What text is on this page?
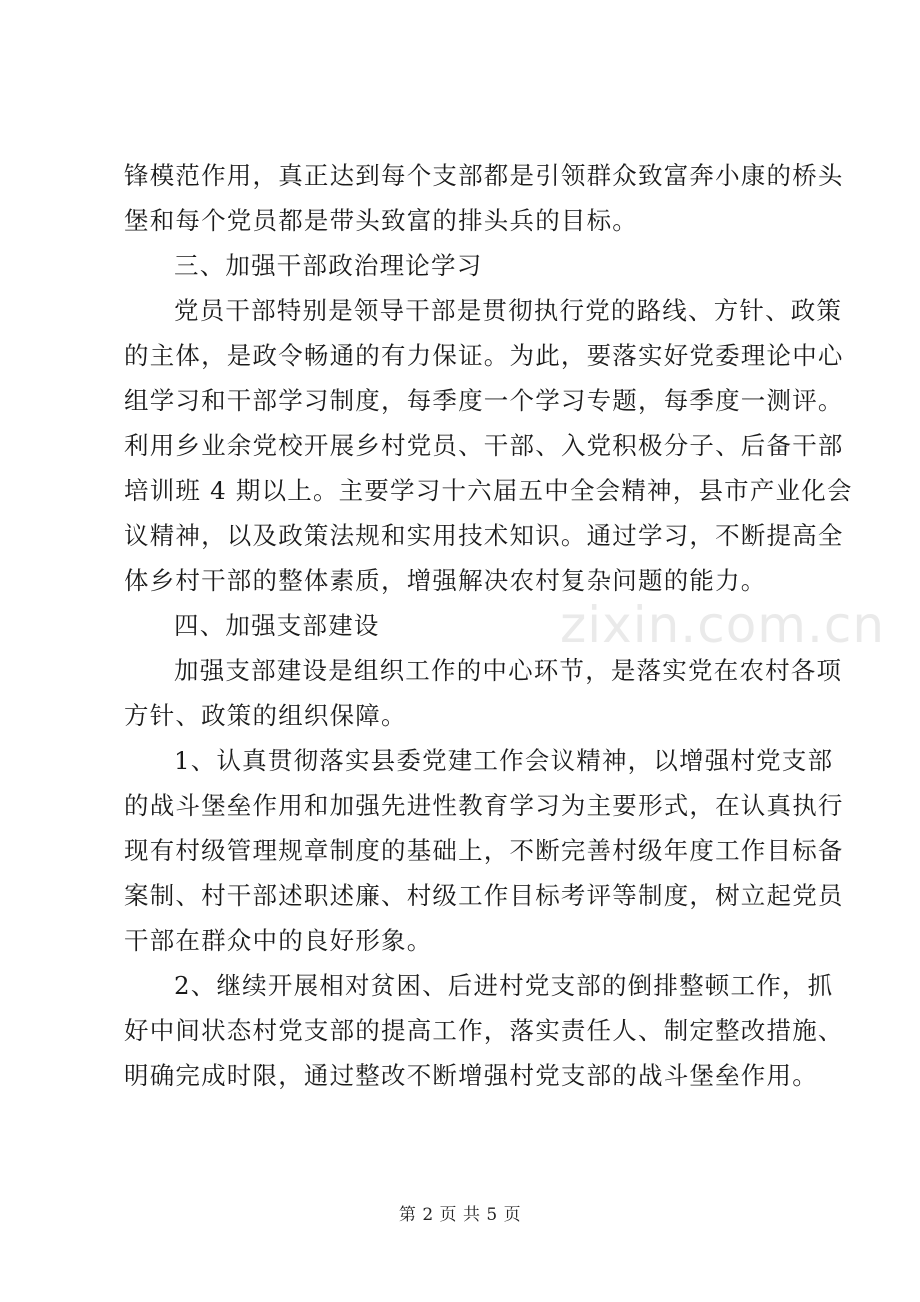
锋模范作用，真正达到每个支部都是引领群众致富奔小康的桥头
堡和每个党员都是带头致富的排头兵的目标。
三、加强干部政治理论学习
党员干部特别是领导干部是贯彻执行党的路线、方针、政策
的主体，是政令畅通的有力保证。为此，要落实好党委理论中心
组学习和干部学习制度，每季度一个学习专题，每季度一测评。
利用乡业余党校开展乡村党员、干部、入党积极分子、后备干部
培训班 4 期以上。主要学习十六届五中全会精神，县市产业化会
议精神，以及政策法规和实用技术知识。通过学习，不断提高全
体乡村干部的整体素质，增强解决农村复杂问题的能力。
四、加强支部建设
加强支部建设是组织工作的中心环节，是落实党在农村各项
方针、政策的组织保障。
1、认真贯彻落实县委党建工作会议精神，以增强村党支部
的战斗堡垒作用和加强先进性教育学习为主要形式，在认真执行
现有村级管理规章制度的基础上，不断完善村级年度工作目标备
案制、村干部述职述廉、村级工作目标考评等制度，树立起党员
干部在群众中的良好形象。
2、继续开展相对贫困、后进村党支部的倒排整顿工作，抓
好中间状态村党支部的提高工作，落实责任人、制定整改措施、
明确完成时限，通过整改不断增强村党支部的战斗堡垒作用。
zixin.com.cn
第 2 页 共 5 页
